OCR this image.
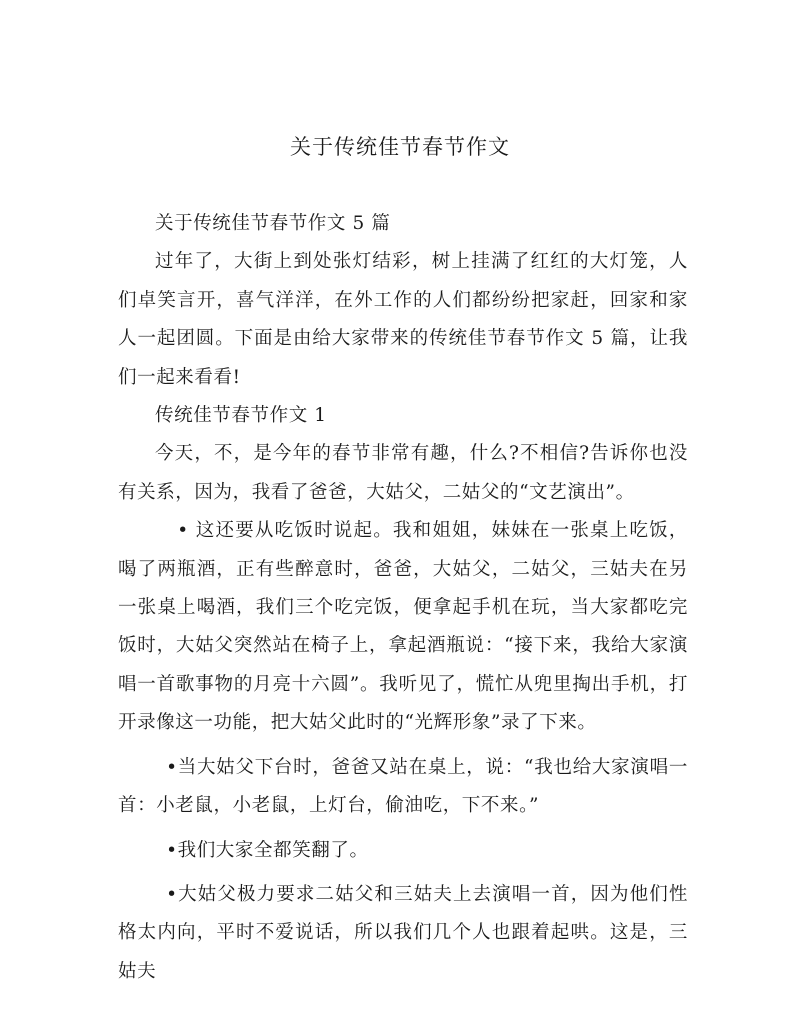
关于传统佳节春节作文

关于传统佳节春节作文 5 篇

过年了，大街上到处张灯结彩，树上挂满了红红的大灯笼，人们卓笑言开，喜气洋洋，在外工作的人们都纷纷把家赶，回家和家人一起团圆。下面是由给大家带来的传统佳节春节作文 5 篇，让我们一起来看看!

传统佳节春节作文 1

今天，不，是今年的春节非常有趣，什么?不相信?告诉你也没有关系，因为，我看了爸爸，大姑父，二姑父的“文艺演出”。

• 这还要从吃饭时说起。我和姐姐，妹妹在一张桌上吃饭，喝了两瓶酒，正有些醉意时，爸爸，大姑父，二姑父，三姑夫在另一张桌上喝酒，我们三个吃完饭，便拿起手机在玩，当大家都吃完饭时，大姑父突然站在椅子上，拿起酒瓶说：“接下来，我给大家演唱一首歌事物的月亮十六圆”。我听见了，慌忙从兜里掏出手机，打开录像这一功能，把大姑父此时的“光辉形象”录了下来。

•当大姑父下台时，爸爸又站在桌上，说：“我也给大家演唱一首：小老鼠，小老鼠，上灯台，偷油吃，下不来。”

•我们大家全都笑翻了。

•大姑父极力要求二姑父和三姑夫上去演唱一首，因为他们性格太内向，平时不爱说话，所以我们几个人也跟着起哄。这是，三姑夫
